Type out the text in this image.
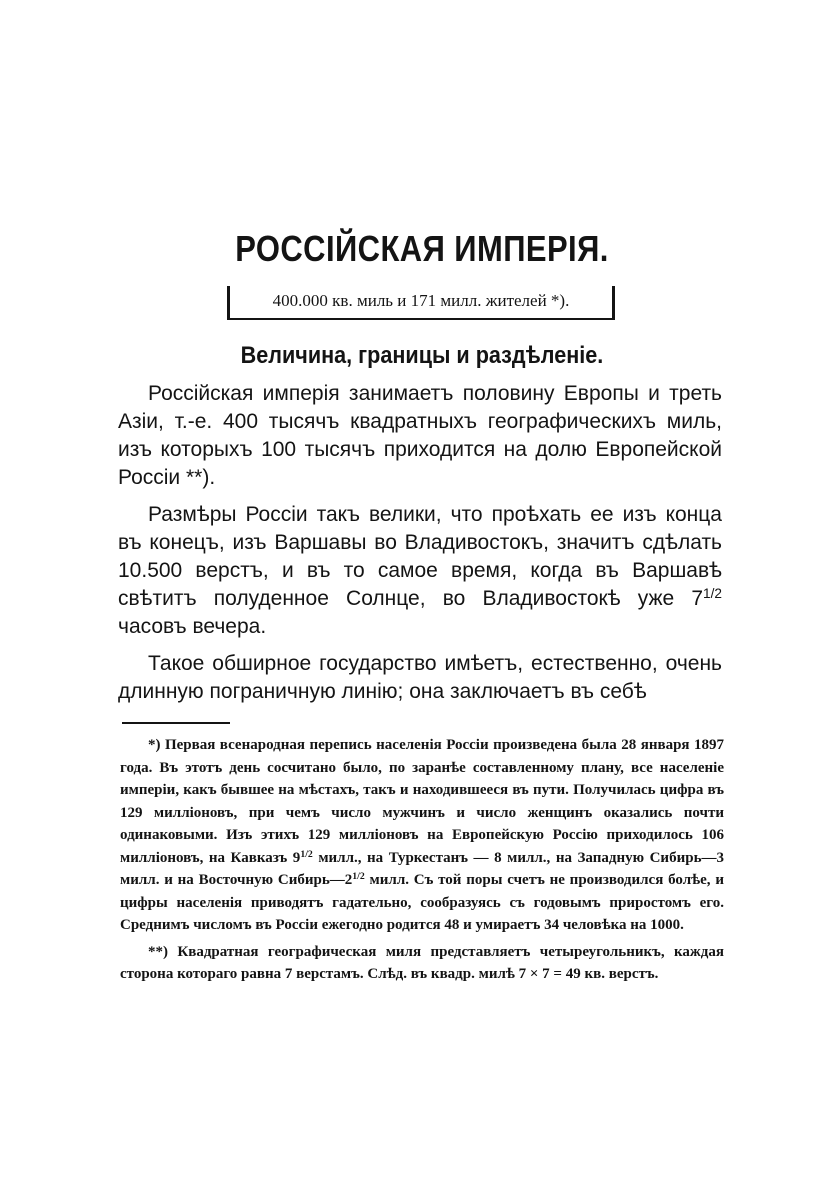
РОССІЙСКАЯ ИМПЕРІЯ.
400.000 кв. миль и 171 милл. жителей *).
Величина, границы и раздѣленіе.

Россійская имперія занимаетъ половину Европы и треть Азіи, т.-е. 400 тысячъ квадратныхъ географическихъ миль, изъ которыхъ 100 тысячъ приходится на долю Европейской Россіи **).

Размѣры Россіи такъ велики, что проѣхать ее изъ конца въ конецъ, изъ Варшавы во Владивостокъ, значитъ сдѣлать 10.500 верстъ, и въ то самое время, когда въ Варшавѣ свѣтитъ полуденное Солнце, во Владивостокѣ уже $7^{1/2}$ часовъ вечера.

Такое обширное государство имѣетъ, естественно, очень длинную пограничную линію; она заключаетъ въ себѣ

*) Первая всенародная перепись населенія Россіи произведена была 28 января 1897 года. Въ этотъ день сосчитано было, по заранѣе составленному плану, все населеніе имперіи, какъ бывшее на мѣстахъ, такъ и находившееся въ пути. Получилась цифра въ 129 милліоновъ, при чемъ число мужчинъ и число женщинъ оказались почти одинаковыми. Изъ этихъ 129 милліоновъ на Европейскую Россію приходилось 106 милліоновъ, на Кавказъ $9^{1/2}$ милл., на Туркестанъ — 8 милл., на Западную Сибирь—3 милл. и на Восточную $Сибирь—2^{1/2}$ милл. Съ той поры счетъ не производился болѣе, и цифры населенія приводятъ гадательно, сообразуясь съ годовымъ приростомъ его. Среднимъ числомъ въ Россіи ежегодно родится 48 и умираетъ 34 человѣка на 1000.

**) Квадратная географическая миля представляетъ четыреугольникъ, каждая сторона котораго равна 7 верстамъ. Слѣд. въ квадр. милѣ 7 × 7 = 49 кв. верстъ.
